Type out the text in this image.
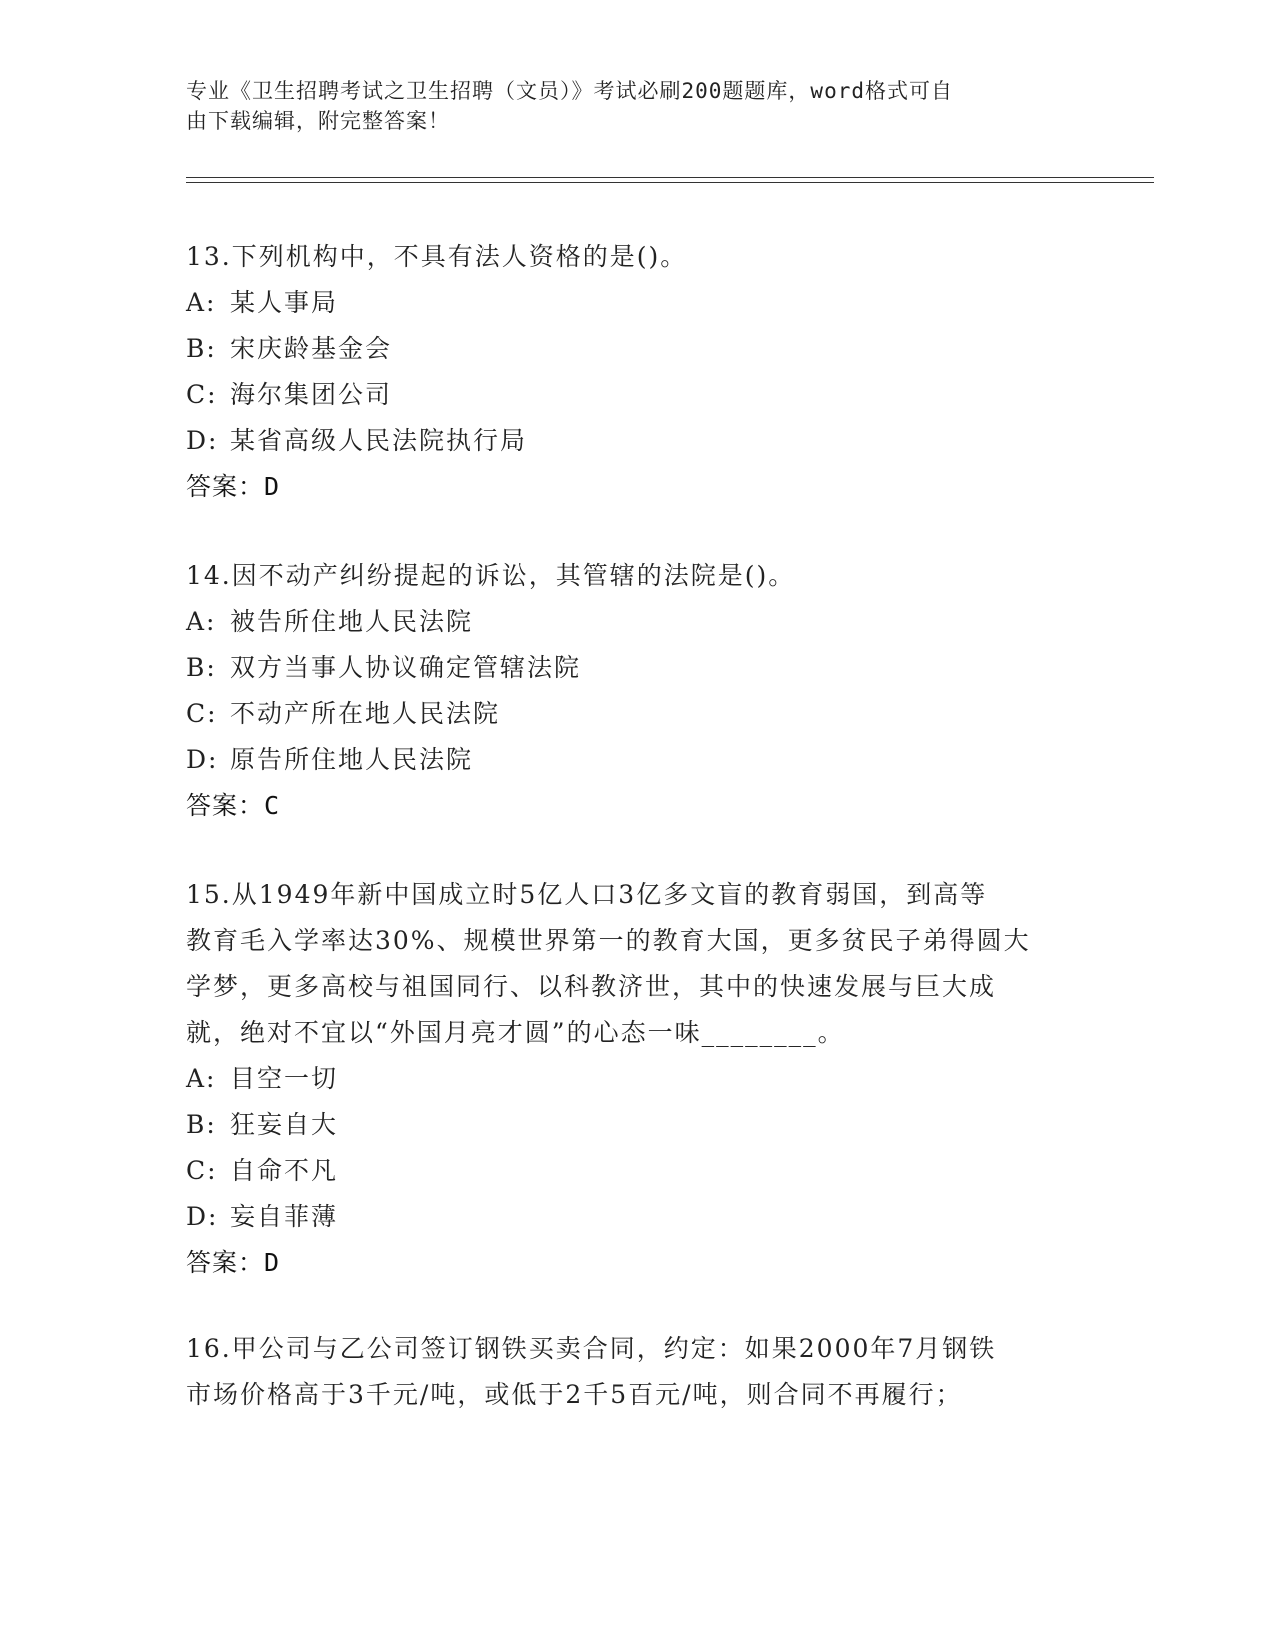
专业《卫生招聘考试之卫生招聘（文员）》考试必刷200题题库，word格式可自
由下载编辑，附完整答案！
13.下列机构中，不具有法人资格的是()。
A: 某人事局
B: 宋庆龄基金会
C: 海尔集团公司
D: 某省高级人民法院执行局
答案：D
14.因不动产纠纷提起的诉讼，其管辖的法院是()。
A: 被告所住地人民法院
B: 双方当事人协议确定管辖法院
C: 不动产所在地人民法院
D: 原告所住地人民法院
答案：C
15.从1949年新中国成立时5亿人口3亿多文盲的教育弱国，到高等
教育毛入学率达30%、规模世界第一的教育大国，更多贫民子弟得圆大
学梦，更多高校与祖国同行、以科教济世，其中的快速发展与巨大成
就，绝对不宜以“外国月亮才圆”的心态一味________。
A: 目空一切
B: 狂妄自大
C: 自命不凡
D: 妄自菲薄
答案：D
16.甲公司与乙公司签订钢铁买卖合同，约定：如果2000年7月钢铁
市场价格高于3千元/吨，或低于2千5百元/吨，则合同不再履行；
